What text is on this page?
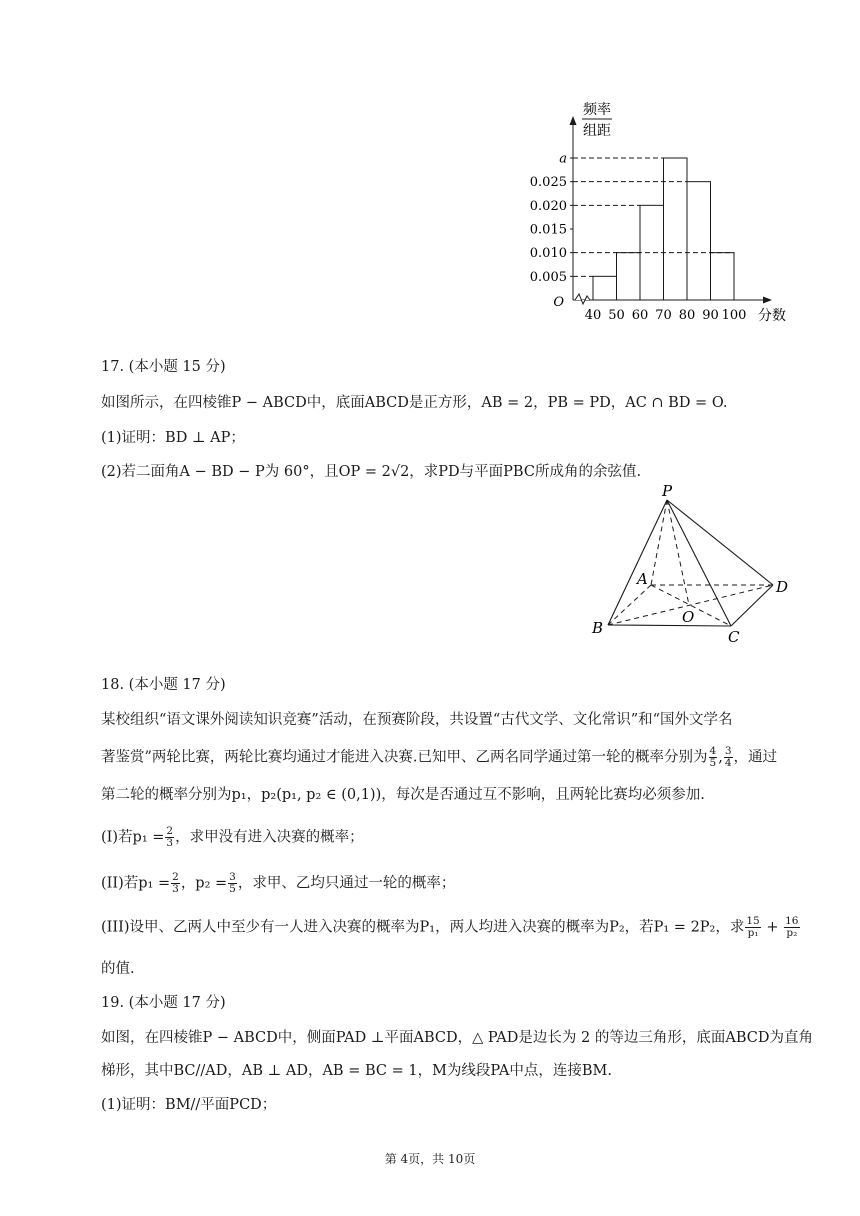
频率
组距
a
0.025
0.020
0.015
0.010
0.005
40 50 60 70 80 90 100
O
分数
17. (本小题 15 分)
如图所示，在四棱锥P − ABCD中，底面ABCD是正方形，AB = 2，PB = PD，AC ∩ BD = O.
(1)证明：BD ⊥ AP；
(2)若二面角A − BD − P为 60°，且OP = 2√2，求PD与平面PBC所成角的余弦值.
P
A	D
O
B	C
18. (本小题 17 分)
某校组织“语文课外阅读知识竞赛”活动，在预赛阶段，共设置“古代文学、文化常识”和“国外文学名
著鉴赏”两轮比赛，两轮比赛均通过才能进入决赛.已知甲、乙两名同学通过第一轮的概率分别为 $\frac{4}{5}$ , $\frac{3}{4}$ ，通过
第二轮的概率分别为p₁，p₂(p₁, p₂ ∈ (0,1))，每次是否通过互不影响，且两轮比赛均必须参加.
(I)若$p_1 = \frac{2}{3}$ ，求甲没有进入决赛的概率；
(II)若$p_1 = \frac{2}{3}$ ，$p_2 = \frac{3}{5}$ ，求甲、乙均只通过一轮的概率；
(III)设甲、乙两人中至少有一人进入决赛的概率为P₁，两人均进入决赛的概率为P₂，若P₁ = 2P₂，求 $\frac{15}{\text{p₁}} + \frac{16}{\text{p₂}}$
的值.
19. (本小题 17 分)
如图，在四棱锥P − ABCD中，侧面PAD ⊥平面ABCD，△ PAD是边长为 2 的等边三角形，底面ABCD为直角
梯形，其中BC//AD，AB ⊥ AD，AB = BC = 1，M为线段PA中点，连接BM.
(1)证明：BM//平面PCD；
第 4页，共 10页
